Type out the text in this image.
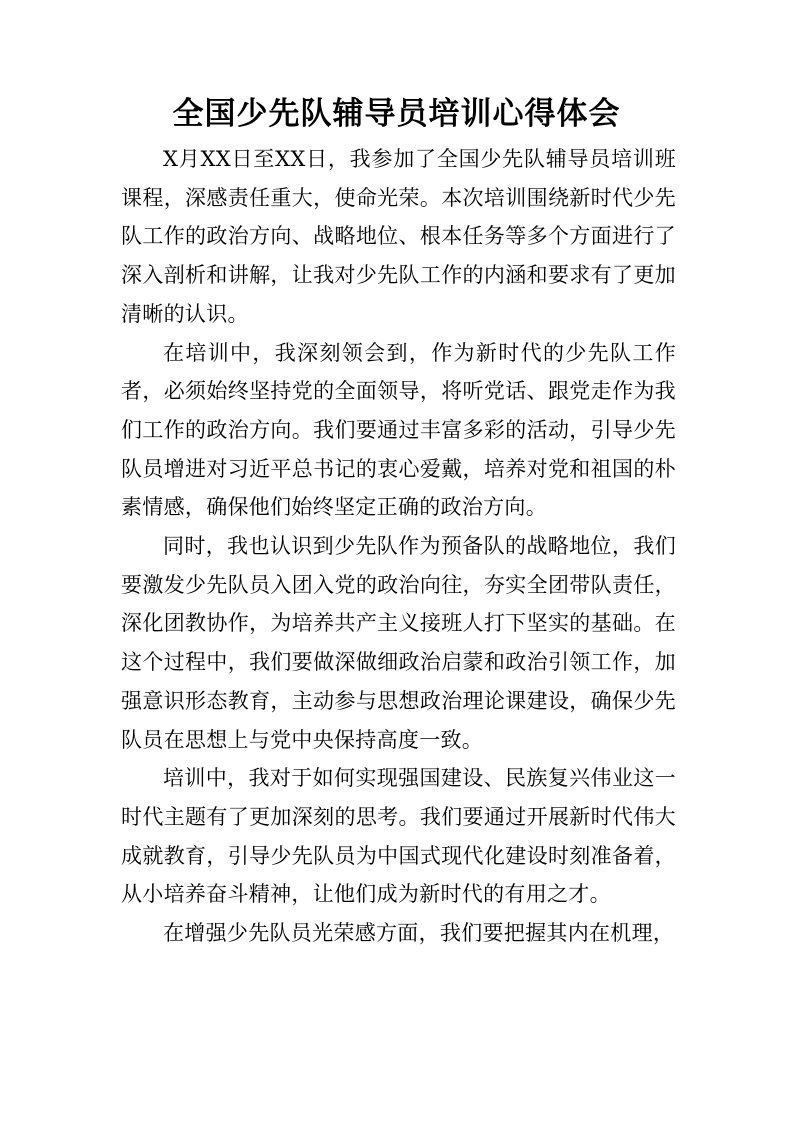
全国少先队辅导员培训心得体会

X月XX日至XX日，我参加了全国少先队辅导员培训班课程，深感责任重大，使命光荣。本次培训围绕新时代少先队工作的政治方向、战略地位、根本任务等多个方面进行了深入剖析和讲解，让我对少先队工作的内涵和要求有了更加清晰的认识。

在培训中，我深刻领会到，作为新时代的少先队工作者，必须始终坚持党的全面领导，将听党话、跟党走作为我们工作的政治方向。我们要通过丰富多彩的活动，引导少先队员增进对习近平总书记的衷心爱戴，培养对党和祖国的朴素情感，确保他们始终坚定正确的政治方向。

同时，我也认识到少先队作为预备队的战略地位，我们要激发少先队员入团入党的政治向往，夯实全团带队责任，深化团教协作，为培养共产主义接班人打下坚实的基础。在这个过程中，我们要做深做细政治启蒙和政治引领工作，加强意识形态教育，主动参与思想政治理论课建设，确保少先队员在思想上与党中央保持高度一致。

培训中，我对于如何实现强国建设、民族复兴伟业这一时代主题有了更加深刻的思考。我们要通过开展新时代伟大成就教育，引导少先队员为中国式现代化建设时刻准备着，从小培养奋斗精神，让他们成为新时代的有用之才。

在增强少先队员光荣感方面，我们要把握其内在机理，
